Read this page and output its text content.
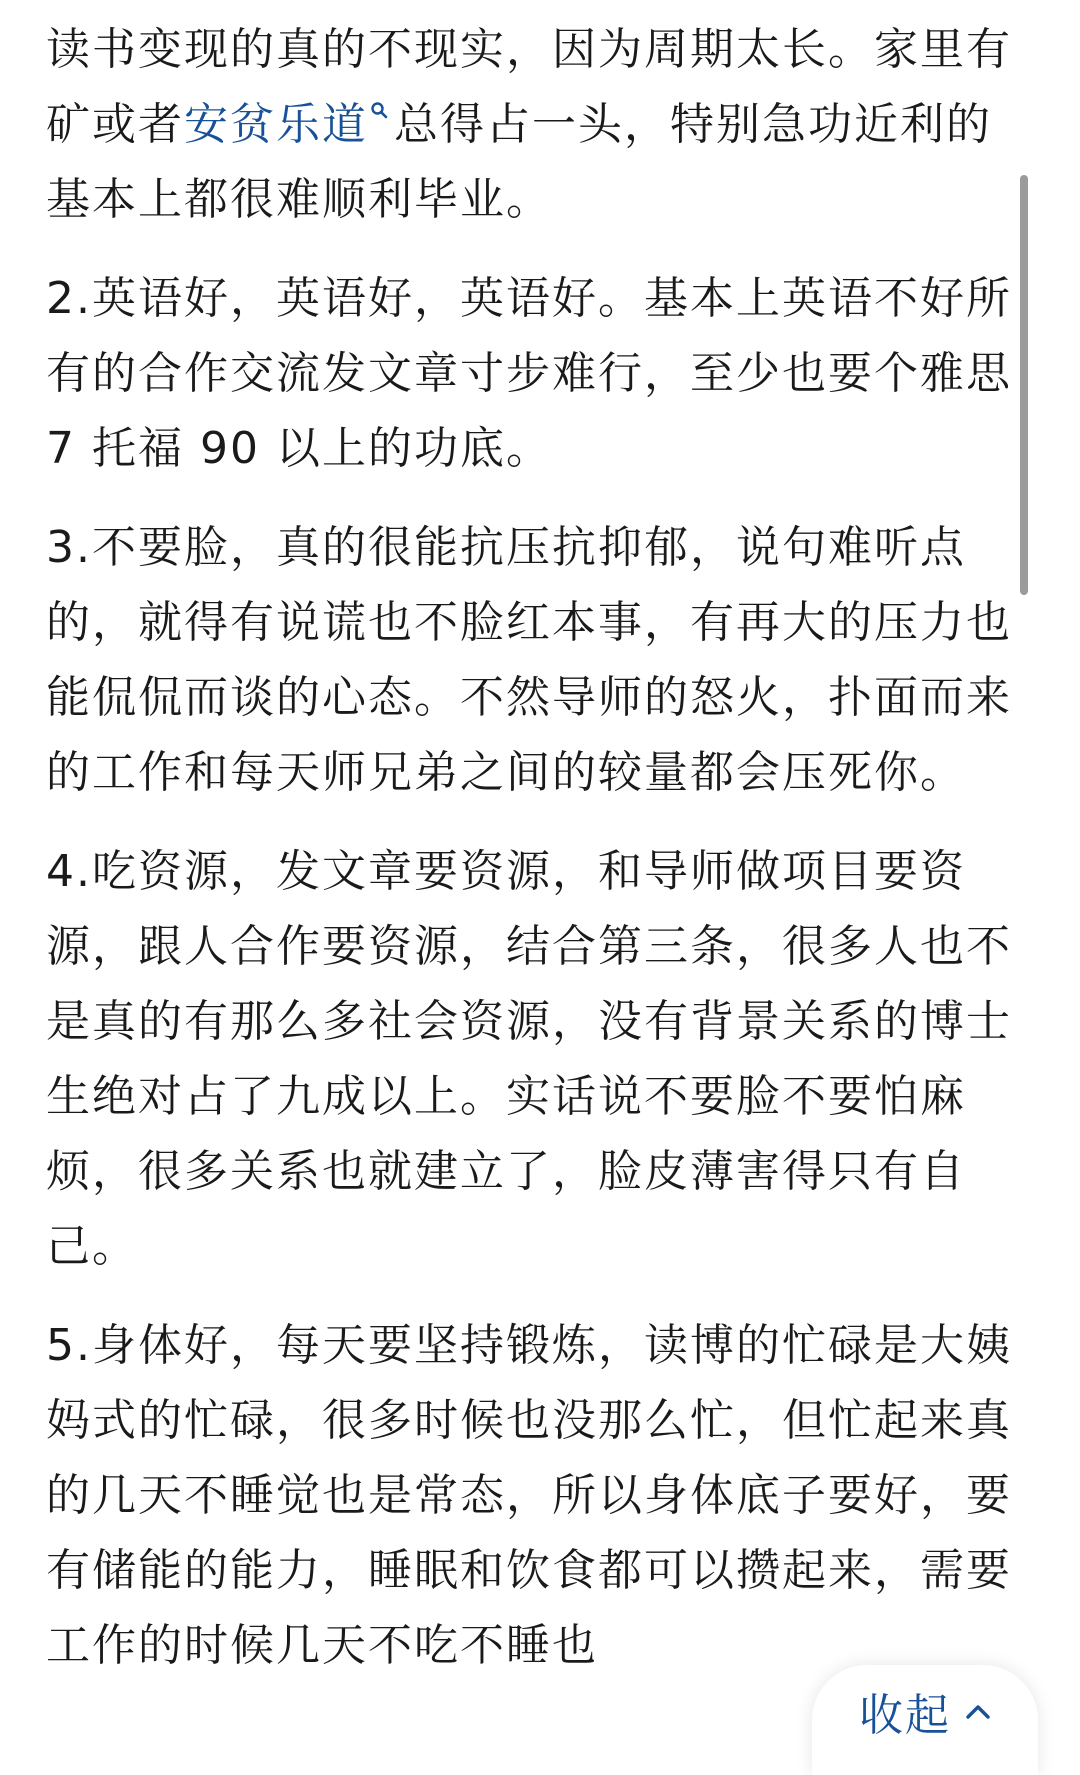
读书变现的真的不现实，因为周期太长。家里有矿或者安贫乐道 总得占一头，特别急功近利的基本上都很难顺利毕业。

2.英语好，英语好，英语好。基本上英语不好所有的合作交流发文章寸步难行，至少也要个雅思 7 托福 90 以上的功底。

3.不要脸，真的很能抗压抗抑郁，说句难听点的，就得有说谎也不脸红本事，有再大的压力也能侃侃而谈的心态。不然导师的怒火，扑面而来的工作和每天师兄弟之间的较量都会压死你。

4.吃资源，发文章要资源，和导师做项目要资源，跟人合作要资源，结合第三条，很多人也不是真的有那么多社会资源，没有背景关系的博士生绝对占了九成以上。实话说不要脸不要怕麻烦，很多关系也就建立了，脸皮薄害得只有自己。

5.身体好，每天要坚持锻炼，读博的忙碌是大姨妈式的忙碌，很多时候也没那么忙，但忙起来真的几天不睡觉也是常态，所以身体底子要好，要有储能的能力，睡眠和饮食都可以攒起来，需要工作的时候几天不吃不睡也

收起
